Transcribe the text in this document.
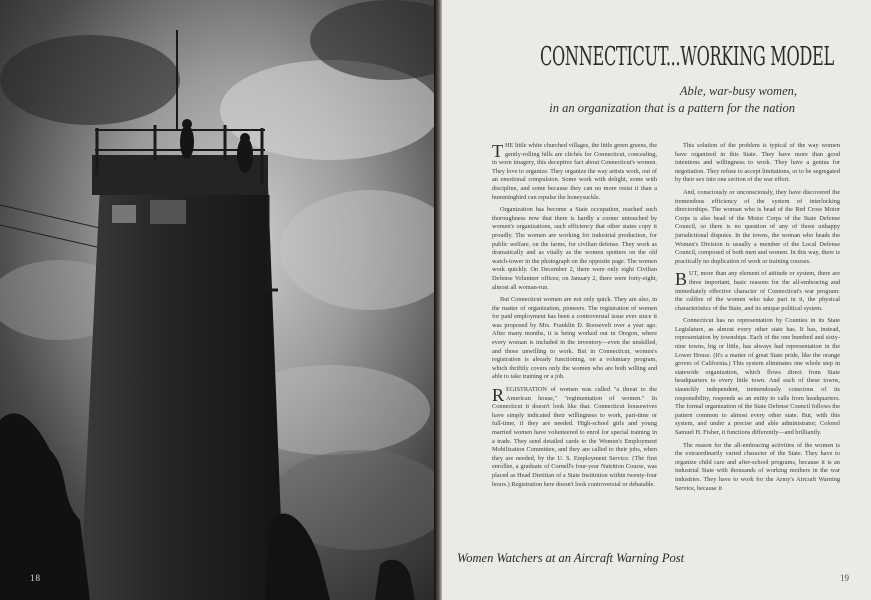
18
CONNECTICUT...WORKING MODEL
Able, war-busy women,
in an organization that is a pattern for the nation

THE little white churched villages, the little green greens, the gently-rolling hills are clichés for Connecticut, concealing, in worn imagery, this deceptive fact about Connecticut's women. They love to organize. They organize the way artists work, out of an emotional compulsion. Some work with delight, some with discipline, and some because they can no more resist it than a hummingbird can repulse the honeysuckle.

Organization has become a State occupation, reached such thoroughness now that there is hardly a corner untouched by women's organizations, such efficiency that other states copy it proudly. The women are working for industrial production, for public welfare, on the farms, for civilian defense. They work as dramatically and as vitally as the women spotters on the old watch-tower in the photograph on the opposite page. The women work quickly. On December 2, there were only eight Civilian Defense Volunteer offices; on January 2, there were forty-eight, almost all woman-run.

But Connecticut women are not only quick. They are also, in the matter of organization, pioneers. The registration of women for paid employment has been a controversial issue ever since it was proposed by Mrs. Franklin D. Roosevelt over a year ago. After many months, it is being worked out in Oregon, where every woman is included in the inventory—even the unskilled, and those unwilling to work. But in Connecticut, women's registration is already functioning, on a voluntary program, which thriftily covers only the women who are both willing and able to take training or a job.

REGISTRATION of women was called "a threat to the American house," "regimentation of women." In Connecticut it doesn't look like that. Connecticut housewives have simply indicated their willingness to work, part-time or full-time, if they are needed. High-school girls and young married women have volunteered to enrol for special training in a trade. They send detailed cards to the Women's Employment Mobilization Committee, and they are called to their jobs, when they are needed, by the U. S. Employment Service. (The first enrollee, a graduate of Cornell's four-year Nutrition Course, was placed as Head Dietitian of a State Institution within twenty-four hours.) Registration here doesn't look controversial or debatable.

This solution of the problem is typical of the way women have organized in this State. They have more than good intentions and willingness to work. They have a genius for negotiation. They refuse to accept limitations, or to be segregated by their sex into one section of the war effort.

And, consciously or unconsciously, they have discovered the tremendous efficiency of the system of interlocking directorships. The woman who is head of the Red Cross Motor Corps is also head of the Motor Corps of the State Defense Council, so there is no question of any of those unhappy jurisdictional disputes. In the towns, the woman who heads the Women's Division is usually a member of the Local Defense Council, composed of both men and women. In this way, there is practically no duplication of work or training courses.

BUT, more than any element of attitude or system, there are three important, basic reasons for the all-embracing and immediately effective character of Connecticut's war program: the calibre of the women who take part in it, the physical characteristics of the State, and its unique political system.

Connecticut has no representation by Counties in its State Legislature, as almost every other state has. It has, instead, representation by townships. Each of the one hundred and sixty-nine towns, big or little, has always had representation in the Lower House. (It's a matter of great State pride, like the orange groves of California.) This system eliminates one whole step in statewide organization, which flows direct from State headquarters to every little town. And each of these towns, staunchly independent, tremendously conscious of its responsibility, responds as an entity to calls from headquarters. The formal organization of the State Defense Council follows the pattern common to almost every other state. But, with this system, and under a precise and able administrator, Colonel Samuel H. Fisher, it functions differently—and brilliantly.

The reason for the all-embracing activities of the women is the extraordinarily varied character of the State. They have to organize child care and after-school programs, because it is an industrial State with thousands of working mothers in the war industries. They have to work for the Army's Aircraft Warning Service, because it

Women Watchers at an Aircraft Warning Post
19
